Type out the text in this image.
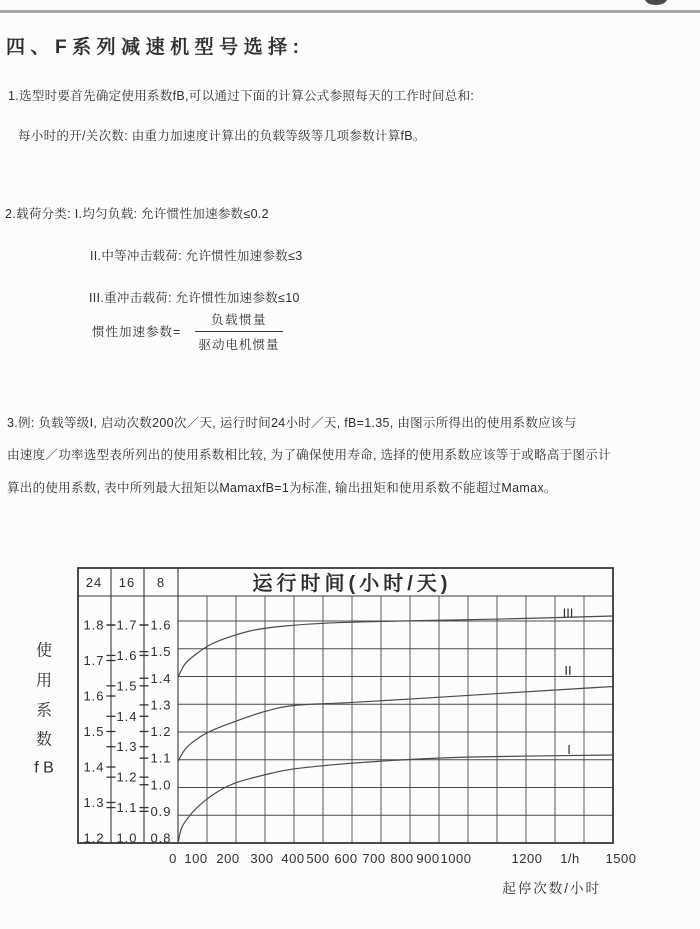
四、F系列减速机型号选择:
1.选型时要首先确定使用系数fB,可以通过下面的计算公式参照每天的工作时间总和:
每小时的开/关次数: 由重力加速度计算出的负载等级等几项参数计算fB。
2.载荷分类: I.均匀负载: 允许惯性加速参数≤0.2
II.中等冲击载荷: 允许惯性加速参数≤3
III.重冲击载荷: 允许惯性加速参数≤10
惯性加速参数=
负载惯量
驱动电机惯量
3.例: 负载等级I, 启动次数200次／天, 运行时间24小时／天, fB=1.35, 由图示所得出的使用系数应该与
由速度／功率选型表所列出的使用系数相比较, 为了确保使用寿命, 选择的使用系数应该等于或略高于图示计
算出的使用系数, 表中所列最大扭矩以MamaxfB=1为标准, 输出扭矩和使用系数不能超过Mamax。
24 16 8	运行时间(小时/天)
1.8
1.7
1.6
1.5
1.4
1.3
1.2
1.7
1.6
1.5
1.4
1.3
1.2
1.1
1.0
1.6
1.5
1.4
1.3
1.2
1.1
1.0
0.9
0.8
III
II
I
0 100 200 300 400 500 600 700 800 900 1000	1200 1/h 1500
起停次数/小时
使
用
系
数
f B
